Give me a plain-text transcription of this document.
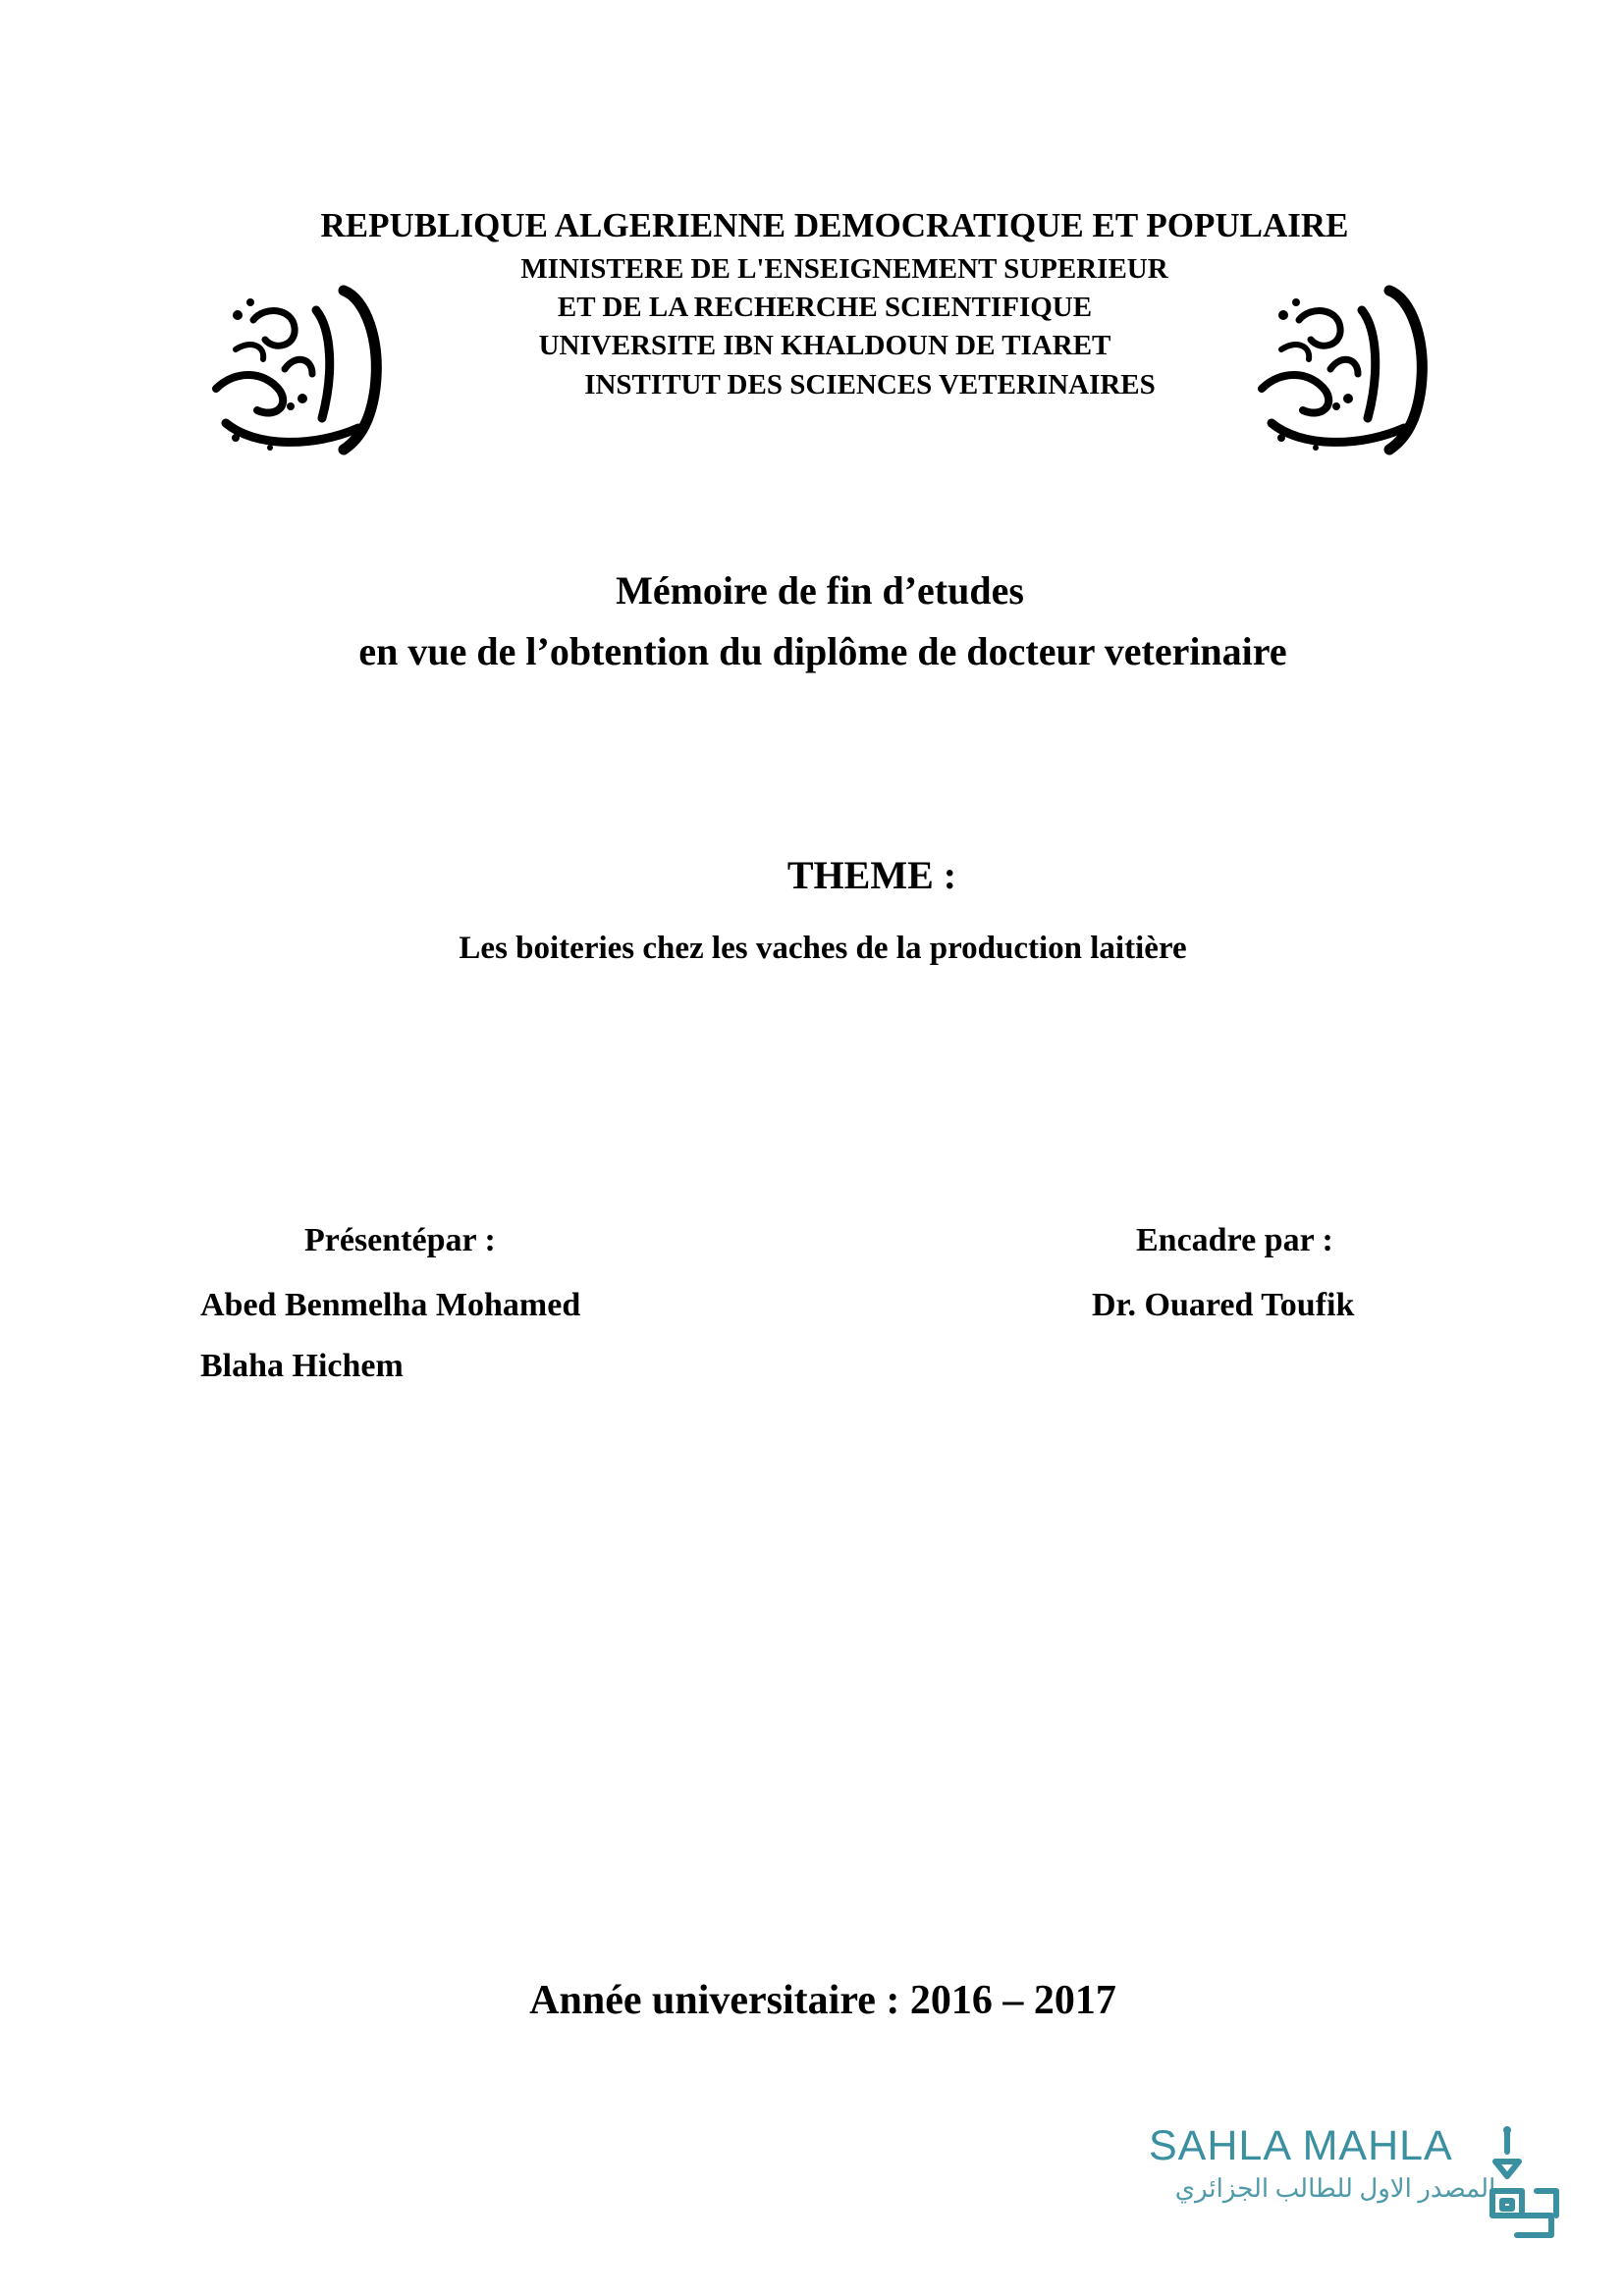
REPUBLIQUE ALGERIENNE DEMOCRATIQUE ET POPULAIRE
MINISTERE DE L'ENSEIGNEMENT SUPERIEUR
ET DE LA RECHERCHE SCIENTIFIQUE
UNIVERSITE IBN KHALDOUN DE TIARET
INSTITUT DES SCIENCES VETERINAIRES
Mémoire de fin d’etudes
en vue de l’obtention du diplôme de docteur veterinaire
THEME :
Les boiteries chez les vaches de la production laitière
Présentépar :	Encadre par :
Abed Benmelha Mohamed
Blaha Hichem
Dr. Ouared Toufik
Année universitaire : 2016 – 2017
SAHLA MAHLA
المصدر الاول للطالب الجزائري
